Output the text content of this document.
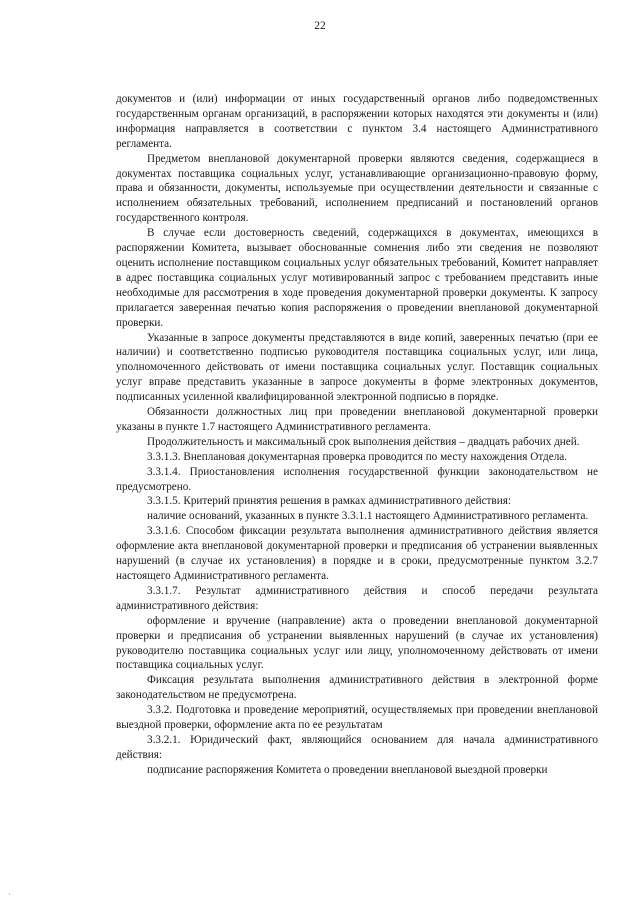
22

документов и (или) информации от иных государственный органов либо подведомственных государственным органам организаций, в распоряжении которых находятся эти документы и (или) информация направляется в соответствии с пунктом 3.4 настоящего Административного регламента.

Предметом внеплановой документарной проверки являются сведения, содержащиеся в документах поставщика социальных услуг, устанавливающие организационно-правовую форму, права и обязанности, документы, используемые при осуществлении деятельности и связанные с исполнением обязательных требований, исполнением предписаний и постановлений органов государственного контроля.

В случае если достоверность сведений, содержащихся в документах, имеющихся в распоряжении Комитета, вызывает обоснованные сомнения либо эти сведения не позволяют оценить исполнение поставщиком социальных услуг обязательных требований, Комитет направляет в адрес поставщика социальных услуг мотивированный запрос с требованием представить иные необходимые для рассмотрения в ходе проведения документарной проверки документы. К запросу прилагается заверенная печатью копия распоряжения о проведении внеплановой документарной проверки.

Указанные в запросе документы представляются в виде копий, заверенных печатью (при ее наличии) и соответственно подписью руководителя поставщика социальных услуг, или лица, уполномоченного действовать от имени поставщика социальных услуг. Поставщик социальных услуг вправе представить указанные в запросе документы в форме электронных документов, подписанных усиленной квалифицированной электронной подписью в порядке.

Обязанности должностных лиц при проведении внеплановой документарной проверки указаны в пункте 1.7 настоящего Административного регламента.

Продолжительность и максимальный срок выполнения действия – двадцать рабочих дней.

3.3.1.3. Внеплановая документарная проверка проводится по месту нахождения Отдела.

3.3.1.4. Приостановления исполнения государственной функции законодательством не предусмотрено.

3.3.1.5. Критерий принятия решения в рамках административного действия:

наличие оснований, указанных в пункте 3.3.1.1 настоящего Административного регламента.

3.3.1.6. Способом фиксации результата выполнения административного действия является оформление акта внеплановой документарной проверки и предписания об устранении выявленных нарушений (в случае их установления) в порядке и в сроки, предусмотренные пунктом 3.2.7 настоящего Административного регламента.

3.3.1.7. Результат административного действия и способ передачи результата административного действия:

оформление и вручение (направление) акта о проведении внеплановой документарной проверки и предписания об устранении выявленных нарушений (в случае их установления) руководителю поставщика социальных услуг или лицу, уполномоченному действовать от имени поставщика социальных услуг.

Фиксация результата выполнения административного действия в электронной форме законодательством не предусмотрена.

3.3.2. Подготовка и проведение мероприятий, осуществляемых при проведении внеплановой выездной проверки, оформление акта по ее результатам

3.3.2.1. Юридический факт, являющийся основанием для начала административного действия:

подписание распоряжения Комитета о проведении внеплановой выездной проверки

·
